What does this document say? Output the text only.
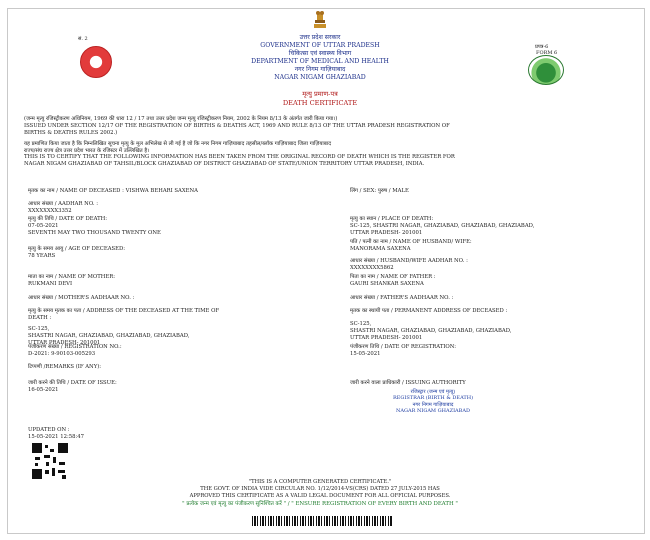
सं. 2
प्रपत्र-6
FORM 6
उत्तर प्रदेश सरकार
GOVERNMENT OF UTTAR PRADESH
चिकित्सा एवं स्वास्थ्य विभाग
DEPARTMENT OF MEDICAL AND HEALTH
नगर निगम गाज़ियाबाद
NAGAR NIGAM GHAZIABAD
मृत्यु प्रमाण-पत्र
DEATH CERTIFICATE
(जन्म मृत्यु रजिस्ट्रीकरण अधिनियम, 1969 की धारा 12 / 17 तथा उत्तर प्रदेश जन्म मृत्यु रजिस्ट्रीकरण नियम, 2002 के नियम 8/13 के अंतर्गत जारी किया गया।)
ISSUED UNDER SECTION 12/17 OF THE REGISTRATION OF BIRTHS & DEATHS ACT, 1969 AND RULE 8/13 OF THE UTTAR PRADESH REGISTRATION OF
BIRTHS & DEATHS RULES 2002.)
यह प्रमाणित किया जाता है कि निम्नलिखित सूचना मृत्यु के मूल अभिलेख से ली गई है जो कि नगर निगम गाज़ियाबाद तहसील/ब्लॉक गाज़ियाबाद जिला गाज़ियाबाद
राज्य/संघ राज्य क्षेत्र उत्तर प्रदेश भारत के रजिस्टर में उल्लिखित है।
THIS IS TO CERTIFY THAT THE FOLLOWING INFORMATION HAS BEEN TAKEN FROM THE ORIGINAL RECORD OF DEATH WHICH IS THE REGISTER FOR
NAGAR NIGAM GHAZIABAD OF TAHSIL/BLOCK GHAZIABAD OF DISTRICT GHAZIABAD OF STATE/UNION TERRITORY UTTAR PRADESH, INDIA.
मृतक का नाम / NAME OF DECEASED : VISHWA BEHARI SAXENA
आधार संख्या / AADHAR NO. :
XXXXXXXX3352
मृत्यु की तिथि / DATE OF DEATH:
07-05-2021
SEVENTH MAY TWO THOUSAND TWENTY ONE
मृत्यु के समय आयु / AGE OF DECEASED:
78 YEARS
माता का नाम / NAME OF MOTHER:
RUKMANI DEVI
आधार संख्या / MOTHER'S AADHAAR NO. :
मृत्यु के समय मृतक का पता / ADDRESS OF THE DECEASED AT THE TIME OF
DEATH :
SC-125,
SHASTRI NAGAR, GHAZIABAD, GHAZIABAD, GHAZIABAD,
UTTAR PRADESH- 201001
पंजीकरण संख्या / REGISTRATION NO.:
D-2021: 9-90103-005293
टिप्पणी /REMARKS (IF ANY):
जारी करने की तिथि / DATE OF ISSUE:
16-05-2021
UPDATED ON :
15-05-2021 12:58:47
लिंग / SEX: पुरुष / MALE
मृत्यु का स्थान / PLACE OF DEATH:
SC-125, SHASTRI NAGAR, GHAZIABAD, GHAZIABAD, GHAZIABAD,
UTTAR PRADESH- 201001
पति / पत्नी का नाम / NAME OF HUSBAND/ WIFE:
MANORAMA SAXENA
आधार संख्या / HUSBAND/WIFE AADHAR NO. :
XXXXXXXX5862
पिता का नाम / NAME OF FATHER :
GAURI SHANKAR SAXENA
आधार संख्या / FATHER'S AADHAAR NO. :
मृतक का स्थायी पता / PERMANENT ADDRESS OF DECEASED :
SC-125,
SHASTRI NAGAR, GHAZIABAD, GHAZIABAD, GHAZIABAD,
UTTAR PRADESH- 201001
पंजीकरण तिथि / DATE OF REGISTRATION:
15-05-2021
जारी करने वाला प्राधिकारी / ISSUING AUTHORITY
रजिस्ट्रार (जन्म एवं मृत्यु)
REGISTRAR (BIRTH & DEATH)
नगर निगम गाज़ियाबाद
NAGAR NIGAM GHAZIABAD
"THIS IS A COMPUTER GENERATED CERTIFICATE."
THE GOVT. OF INDIA VIDE CIRCULAR NO. 1/12/2014-VS(CRS) DATED 27 JULY-2015 HAS
APPROVED THIS CERTIFICATE AS A VALID LEGAL DOCUMENT FOR ALL OFFICIAL PURPOSES.
" प्रत्येक जन्म एवं मृत्यु का पंजीकरण सुनिश्चित करें " / " ENSURE REGISTRATION OF EVERY BIRTH AND DEATH "
